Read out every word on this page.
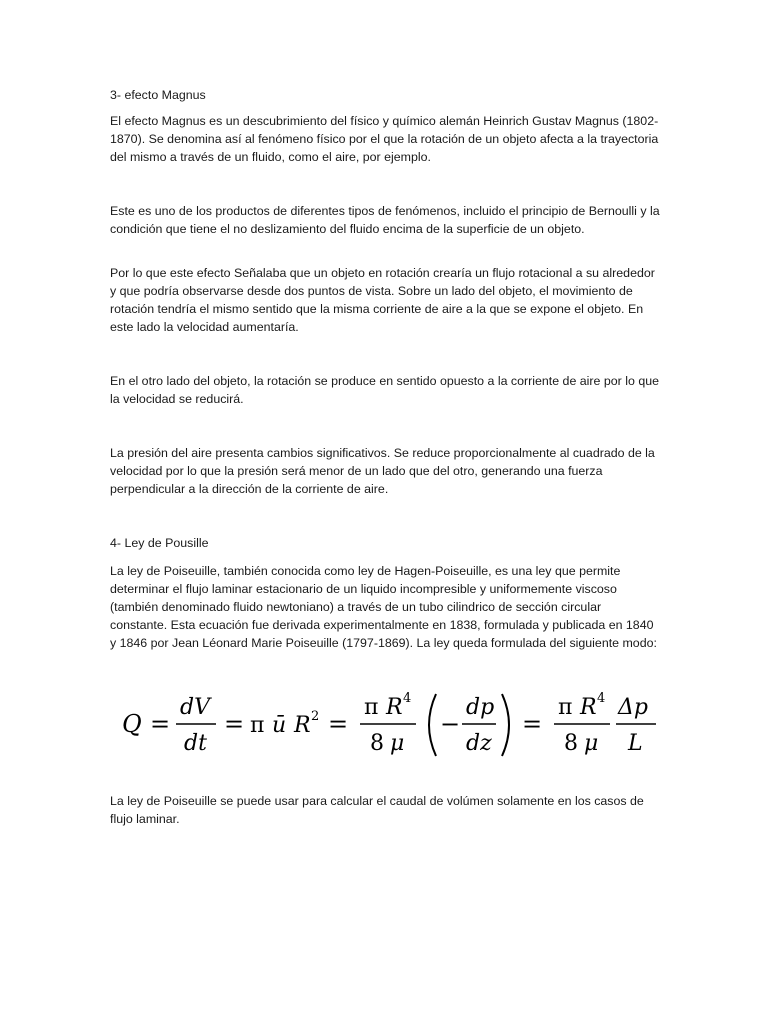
3- efecto Magnus

El efecto Magnus es un descubrimiento del físico y químico alemán Heinrich Gustav Magnus (1802-1870). Se denomina así al fenómeno físico por el que la rotación de un objeto afecta a la trayectoria del mismo a través de un fluido, como el aire, por ejemplo.

Este es uno de los productos de diferentes tipos de fenómenos, incluido el principio de Bernoulli y la condición que tiene el no deslizamiento del fluido encima de la superficie de un objeto.

Por lo que este efecto Señalaba que un objeto en rotación crearía un flujo rotacional a su alrededor y que podría observarse desde dos puntos de vista. Sobre un lado del objeto, el movimiento de rotación tendría el mismo sentido que la misma corriente de aire a la que se expone el objeto. En este lado la velocidad aumentaría.

En el otro lado del objeto, la rotación se produce en sentido opuesto a la corriente de aire por lo que la velocidad se reducirá.

La presión del aire presenta cambios significativos. Se reduce proporcionalmente al cuadrado de la velocidad por lo que la presión será menor de un lado que del otro, generando una fuerza perpendicular a la dirección de la corriente de aire.

4- Ley de Pousille

La ley de Poiseuille, también conocida como ley de Hagen-Poiseuille, es una ley que permite determinar el flujo laminar estacionario de un liquido incompresible y uniformemente viscoso (también denominado fluido newtoniano) a través de un tubo cilindrico de sección circular constante. Esta ecuación fue derivada experimentalmente en 1838, formulada y publicada en 1840 y 1846 por Jean Léonard Marie Poiseuille (1797-1869). La ley queda formulada del siguiente modo:

La ley de Poiseuille se puede usar para calcular el caudal de volúmen solamente en los casos de flujo laminar.

Q =
dV
dt
= π ū R 2 =
π R 4
8 μ
−
dp
dz
=
π R 4
8 μ
Δp
L
